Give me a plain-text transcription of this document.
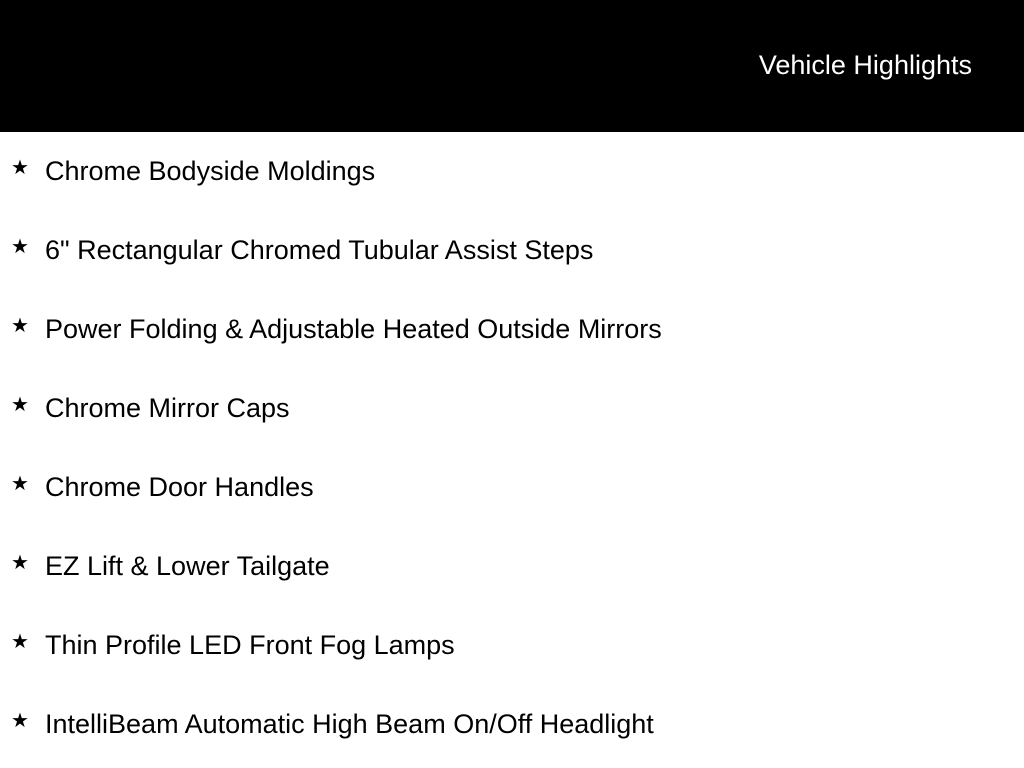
Vehicle Highlights
★ Chrome Bodyside Moldings
★ 6" Rectangular Chromed Tubular Assist Steps
★ Power Folding & Adjustable Heated Outside Mirrors
★ Chrome Mirror Caps
★ Chrome Door Handles
★ EZ Lift & Lower Tailgate
★ Thin Profile LED Front Fog Lamps
★ IntelliBeam Automatic High Beam On/Off Headlight
